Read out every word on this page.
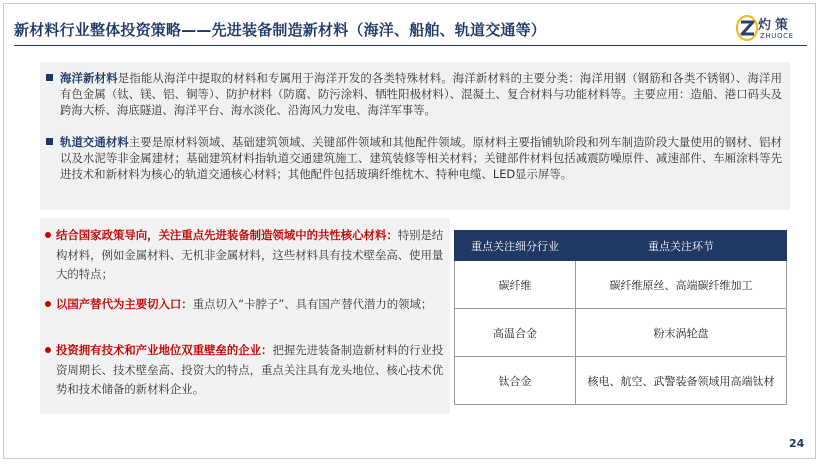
新材料行业整体投资策略——先进装备制造新材料（海洋、船舶、轨道交通等）	灼策
ZHUOCE
海洋新材料是指能从海洋中提取的材料和专属用于海洋开发的各类特殊材料。海洋新材料的主要分类：海洋用钢（钢筋和各类不锈钢）、海洋用有色金属（钛、镁、铝、铜等）、防护材料（防腐、防污涂料、牺牲阳极材料）、混凝土、复合材料与功能材料等。主要应用：造船、港口码头及跨海大桥、海底隧道、海洋平台、海水淡化、沿海风力发电、海洋军事等。
轨道交通材料主要是原材料领域、基础建筑领域、关键部件领域和其他配件领域。原材料主要指铺轨阶段和列车制造阶段大量使用的钢材、铝材以及水泥等非金属建材；基础建筑材料指轨道交通建筑施工、建筑装修等相关材料；关键部件材料包括减震防噪原件、减速部件、车厢涂料等先进技术和新材料为核心的轨道交通核心材料；其他配件包括玻璃纤维枕木、特种电缆、LED显示屏等。
结合国家政策导向，关注重点先进装备制造领域中的共性核心材料：特别是结构材料，例如金属材料、无机非金属材料，这些材料具有技术壁垒高、使用量大的特点；
以国产替代为主要切入口：重点切入“卡脖子”、具有国产替代潜力的领域；
投资拥有技术和产业地位双重壁垒的企业：把握先进装备制造新材料的行业投资周期长、技术壁垒高、投资大的特点，重点关注具有龙头地位、核心技术优势和技术储备的新材料企业。
重点关注细分行业	重点关注环节
碳纤维	碳纤维原丝、高端碳纤维加工
高温合金	粉末涡轮盘
钛合金	核电、航空、武警装备领域用高端钛材
24
